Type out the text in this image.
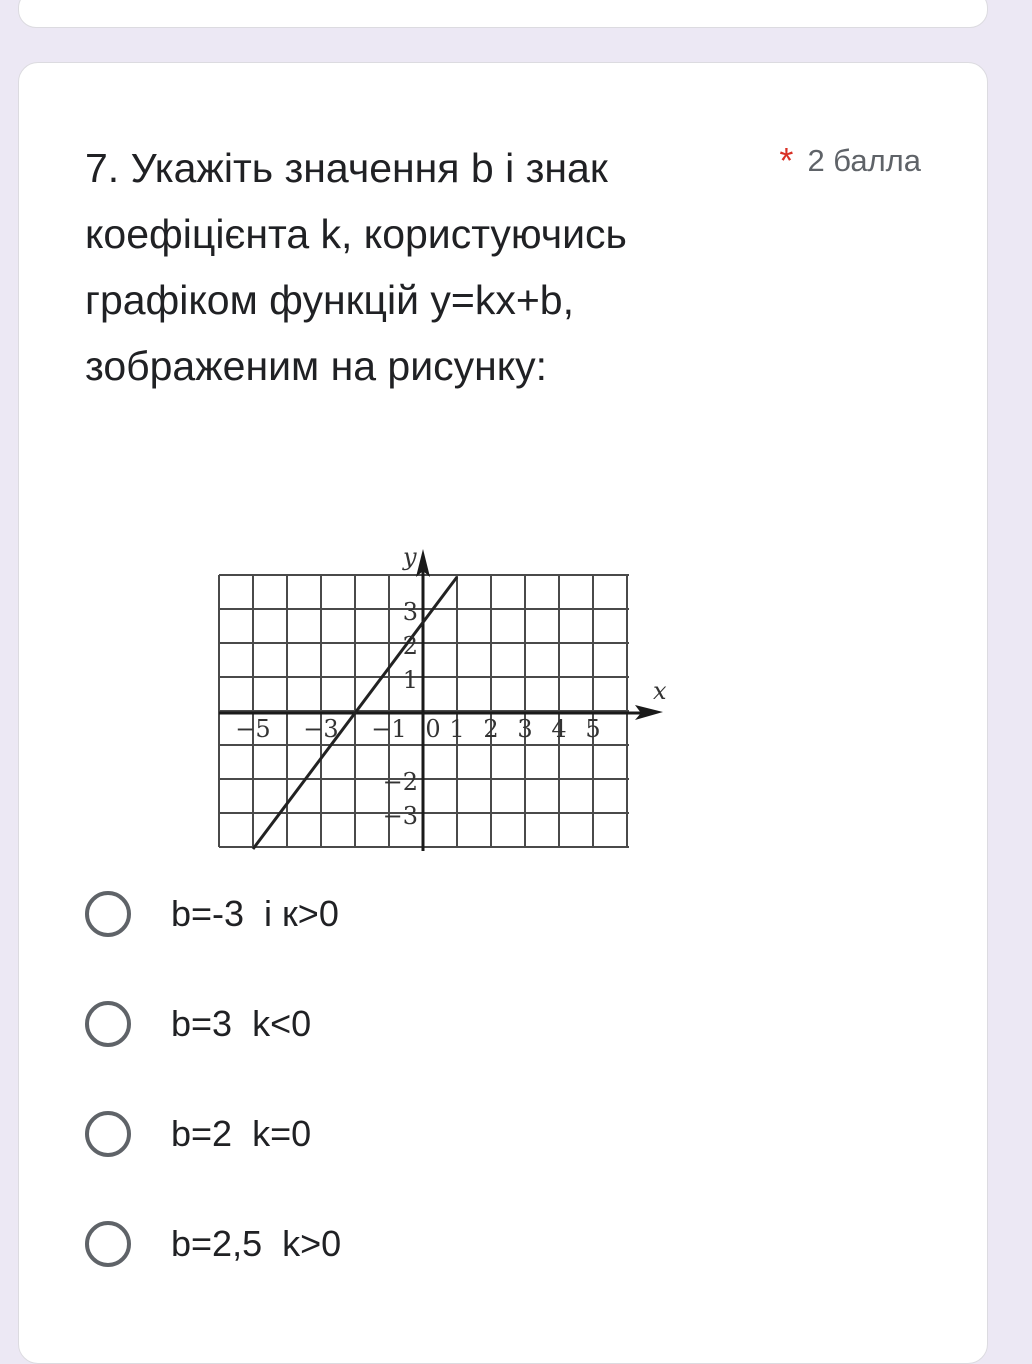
7. Укажіть значення b і знак коефіцієнта k, користуючись графіком функцій y=kx+b, зображеним на рисунку:
* 2 балла
x
y
−5 −3 −1 0 1 2 3 4 5
3
2
1
−2
−3
b=-3  і к>0
b=3  k<0
b=2  k=0
b=2,5  k>0
